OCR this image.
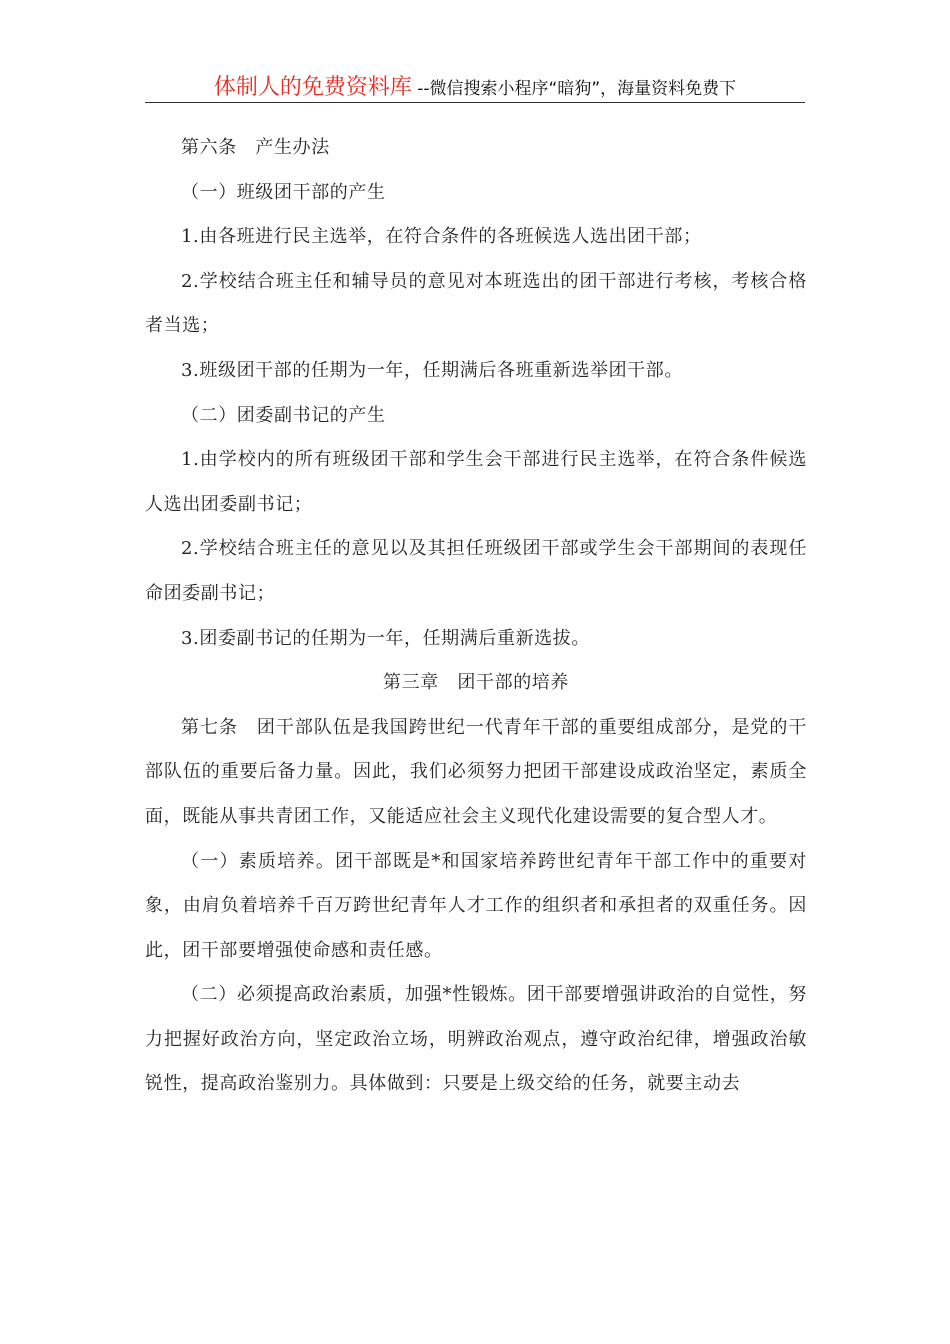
体制人的免费资料库 --微信搜索小程序“暗狗”，海量资料免费下

第六条　产生办法

（一）班级团干部的产生

1.由各班进行民主选举，在符合条件的各班候选人选出团干部；

2.学校结合班主任和辅导员的意见对本班选出的团干部进行考核，考核合格者当选；

3.班级团干部的任期为一年，任期满后各班重新选举团干部。

（二）团委副书记的产生

1.由学校内的所有班级团干部和学生会干部进行民主选举，在符合条件候选人选出团委副书记；

2.学校结合班主任的意见以及其担任班级团干部或学生会干部期间的表现任命团委副书记；

3.团委副书记的任期为一年，任期满后重新选拔。

第三章　团干部的培养

第七条　团干部队伍是我国跨世纪一代青年干部的重要组成部分，是党的干部队伍的重要后备力量。因此，我们必须努力把团干部建设成政治坚定，素质全面，既能从事共青团工作，又能适应社会主义现代化建设需要的复合型人才。

（一）素质培养。团干部既是*和国家培养跨世纪青年干部工作中的重要对象，由肩负着培养千百万跨世纪青年人才工作的组织者和承担者的双重任务。因此，团干部要增强使命感和责任感。

（二）必须提高政治素质，加强*性锻炼。团干部要增强讲政治的自觉性，努力把握好政治方向，坚定政治立场，明辨政治观点，遵守政治纪律，增强政治敏锐性，提高政治鉴别力。具体做到：只要是上级交给的任务，就要主动去
